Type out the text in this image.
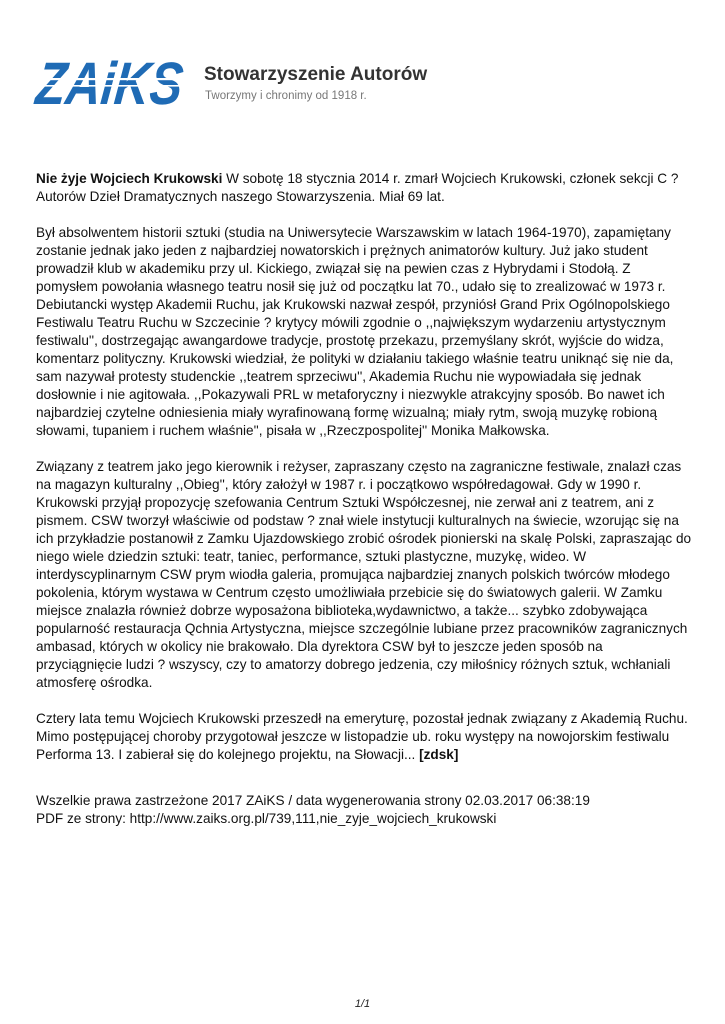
ZAiKS
Stowarzyszenie Autorów
Tworzymy i chronimy od 1918 r.

Nie żyje Wojciech Krukowski W sobotę 18 stycznia 2014 r. zmarł Wojciech Krukowski, członek sekcji C ? Autorów Dzieł Dramatycznych naszego Stowarzyszenia. Miał 69 lat.

Był absolwentem historii sztuki (studia na Uniwersytecie Warszawskim w latach 1964-1970), zapamiętany zostanie jednak jako jeden z najbardziej nowatorskich i prężnych animatorów kultury. Już jako student prowadził klub w akademiku przy ul. Kickiego, związał się na pewien czas z Hybrydami i Stodołą. Z pomysłem powołania własnego teatru nosił się już od początku lat 70., udało się to zrealizować w 1973 r. Debiutancki występ Akademii Ruchu, jak Krukowski nazwał zespół, przyniósł Grand Prix Ogólnopolskiego Festiwalu Teatru Ruchu w Szczecinie ? krytycy mówili zgodnie o ,,największym wydarzeniu artystycznym festiwalu'', dostrzegając awangardowe tradycje, prostotę przekazu, przemyślany skrót, wyjście do widza, komentarz polityczny. Krukowski wiedział, że polityki w działaniu takiego właśnie teatru uniknąć się nie da, sam nazywał protesty studenckie ,,teatrem sprzeciwu'', Akademia Ruchu nie wypowiadała się jednak dosłownie i nie agitowała. ,,Pokazywali PRL w metaforyczny i niezwykle atrakcyjny sposób. Bo nawet ich najbardziej czytelne odniesienia miały wyrafinowaną formę wizualną; miały rytm, swoją muzykę robioną słowami, tupaniem i ruchem właśnie'', pisała w ,,Rzeczpospolitej'' Monika Małkowska.

Związany z teatrem jako jego kierownik i reżyser, zapraszany często na zagraniczne festiwale, znalazł czas na magazyn kulturalny ,,Obieg'', który założył w 1987 r. i początkowo współredagował. Gdy w 1990 r. Krukowski przyjął propozycję szefowania Centrum Sztuki Współczesnej, nie zerwał ani z teatrem, ani z pismem. CSW tworzył właściwie od podstaw ? znał wiele instytucji kulturalnych na świecie, wzorując się na ich przykładzie postanowił z Zamku Ujazdowskiego zrobić ośrodek pionierski na skalę Polski, zapraszając do niego wiele dziedzin sztuki: teatr, taniec, performance, sztuki plastyczne, muzykę, wideo. W interdyscyplinarnym CSW prym wiodła galeria, promująca najbardziej znanych polskich twórców młodego pokolenia, którym wystawa w Centrum często umożliwiała przebicie się do światowych galerii. W Zamku miejsce znalazła również dobrze wyposażona biblioteka,wydawnictwo, a także... szybko zdobywająca popularność restauracja Qchnia Artystyczna, miejsce szczególnie lubiane przez pracowników zagranicznych ambasad, których w okolicy nie brakowało. Dla dyrektora CSW był to jeszcze jeden sposób na przyciągnięcie ludzi ? wszyscy, czy to amatorzy dobrego jedzenia, czy miłośnicy różnych sztuk, wchłaniali atmosferę ośrodka.

Cztery lata temu Wojciech Krukowski przeszedł na emeryturę, pozostał jednak związany z Akademią Ruchu. Mimo postępującej choroby przygotował jeszcze w listopadzie ub. roku występy na nowojorskim festiwalu Performa 13. I zabierał się do kolejnego projektu, na Słowacji... [zdsk]

Wszelkie prawa zastrzeżone 2017 ZAiKS / data wygenerowania strony 02.03.2017 06:38:19
PDF ze strony: http://www.zaiks.org.pl/739,111,nie_zyje_wojciech_krukowski
1/1
